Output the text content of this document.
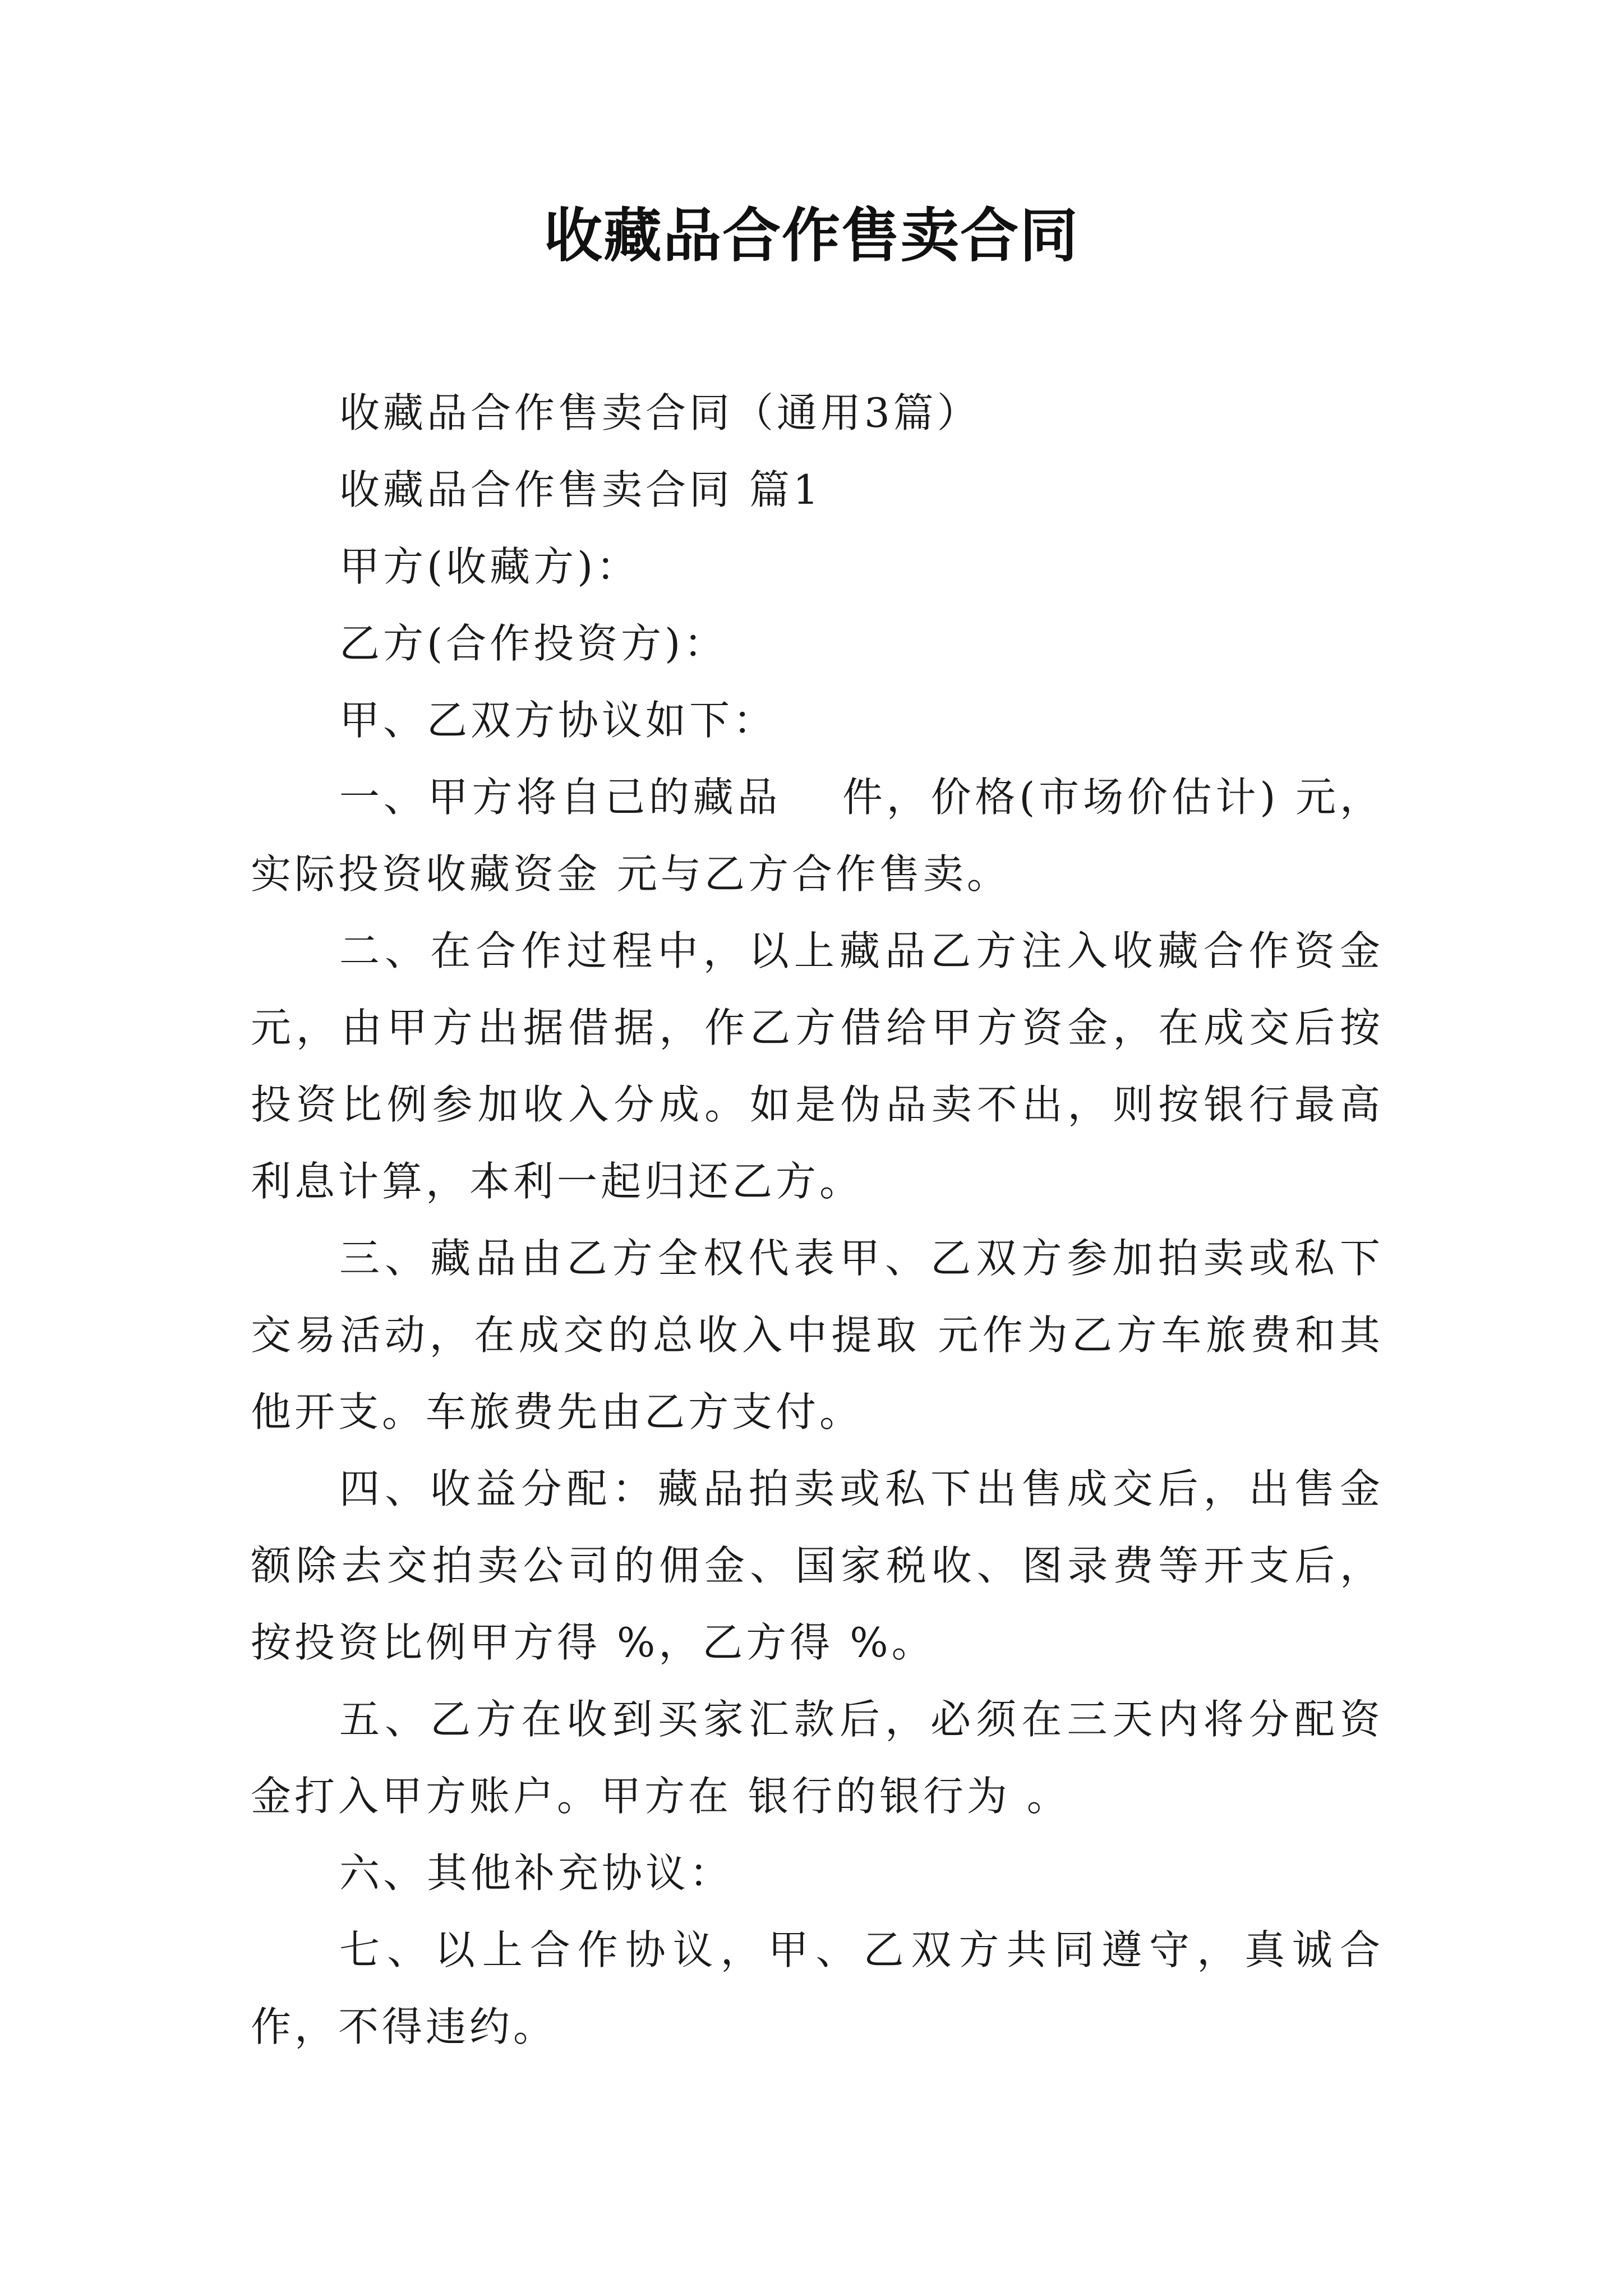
收藏品合作售卖合同

收藏品合作售卖合同（通用3篇）

收藏品合作售卖合同 篇1

甲方(收藏方)：

乙方(合作投资方)：

甲、乙双方协议如下：

一、甲方将自己的藏品　 件，价格(市场价估计) 元，实际投资收藏资金 元与乙方合作售卖。

二、在合作过程中，以上藏品乙方注入收藏合作资金 元，由甲方出据借据，作乙方借给甲方资金，在成交后按投资比例参加收入分成。如是伪品卖不出，则按银行最高利息计算，本利一起归还乙方。

三、藏品由乙方全权代表甲、乙双方参加拍卖或私下交易活动，在成交的总收入中提取 元作为乙方车旅费和其他开支。车旅费先由乙方支付。

四、收益分配：藏品拍卖或私下出售成交后，出售金额除去交拍卖公司的佣金、国家税收、图录费等开支后，按投资比例甲方得 %，乙方得 %。

五、乙方在收到买家汇款后，必须在三天内将分配资金打入甲方账户。甲方在 银行的银行为 。

六、其他补充协议：

七、以上合作协议，甲、乙双方共同遵守，真诚合作，不得违约。
